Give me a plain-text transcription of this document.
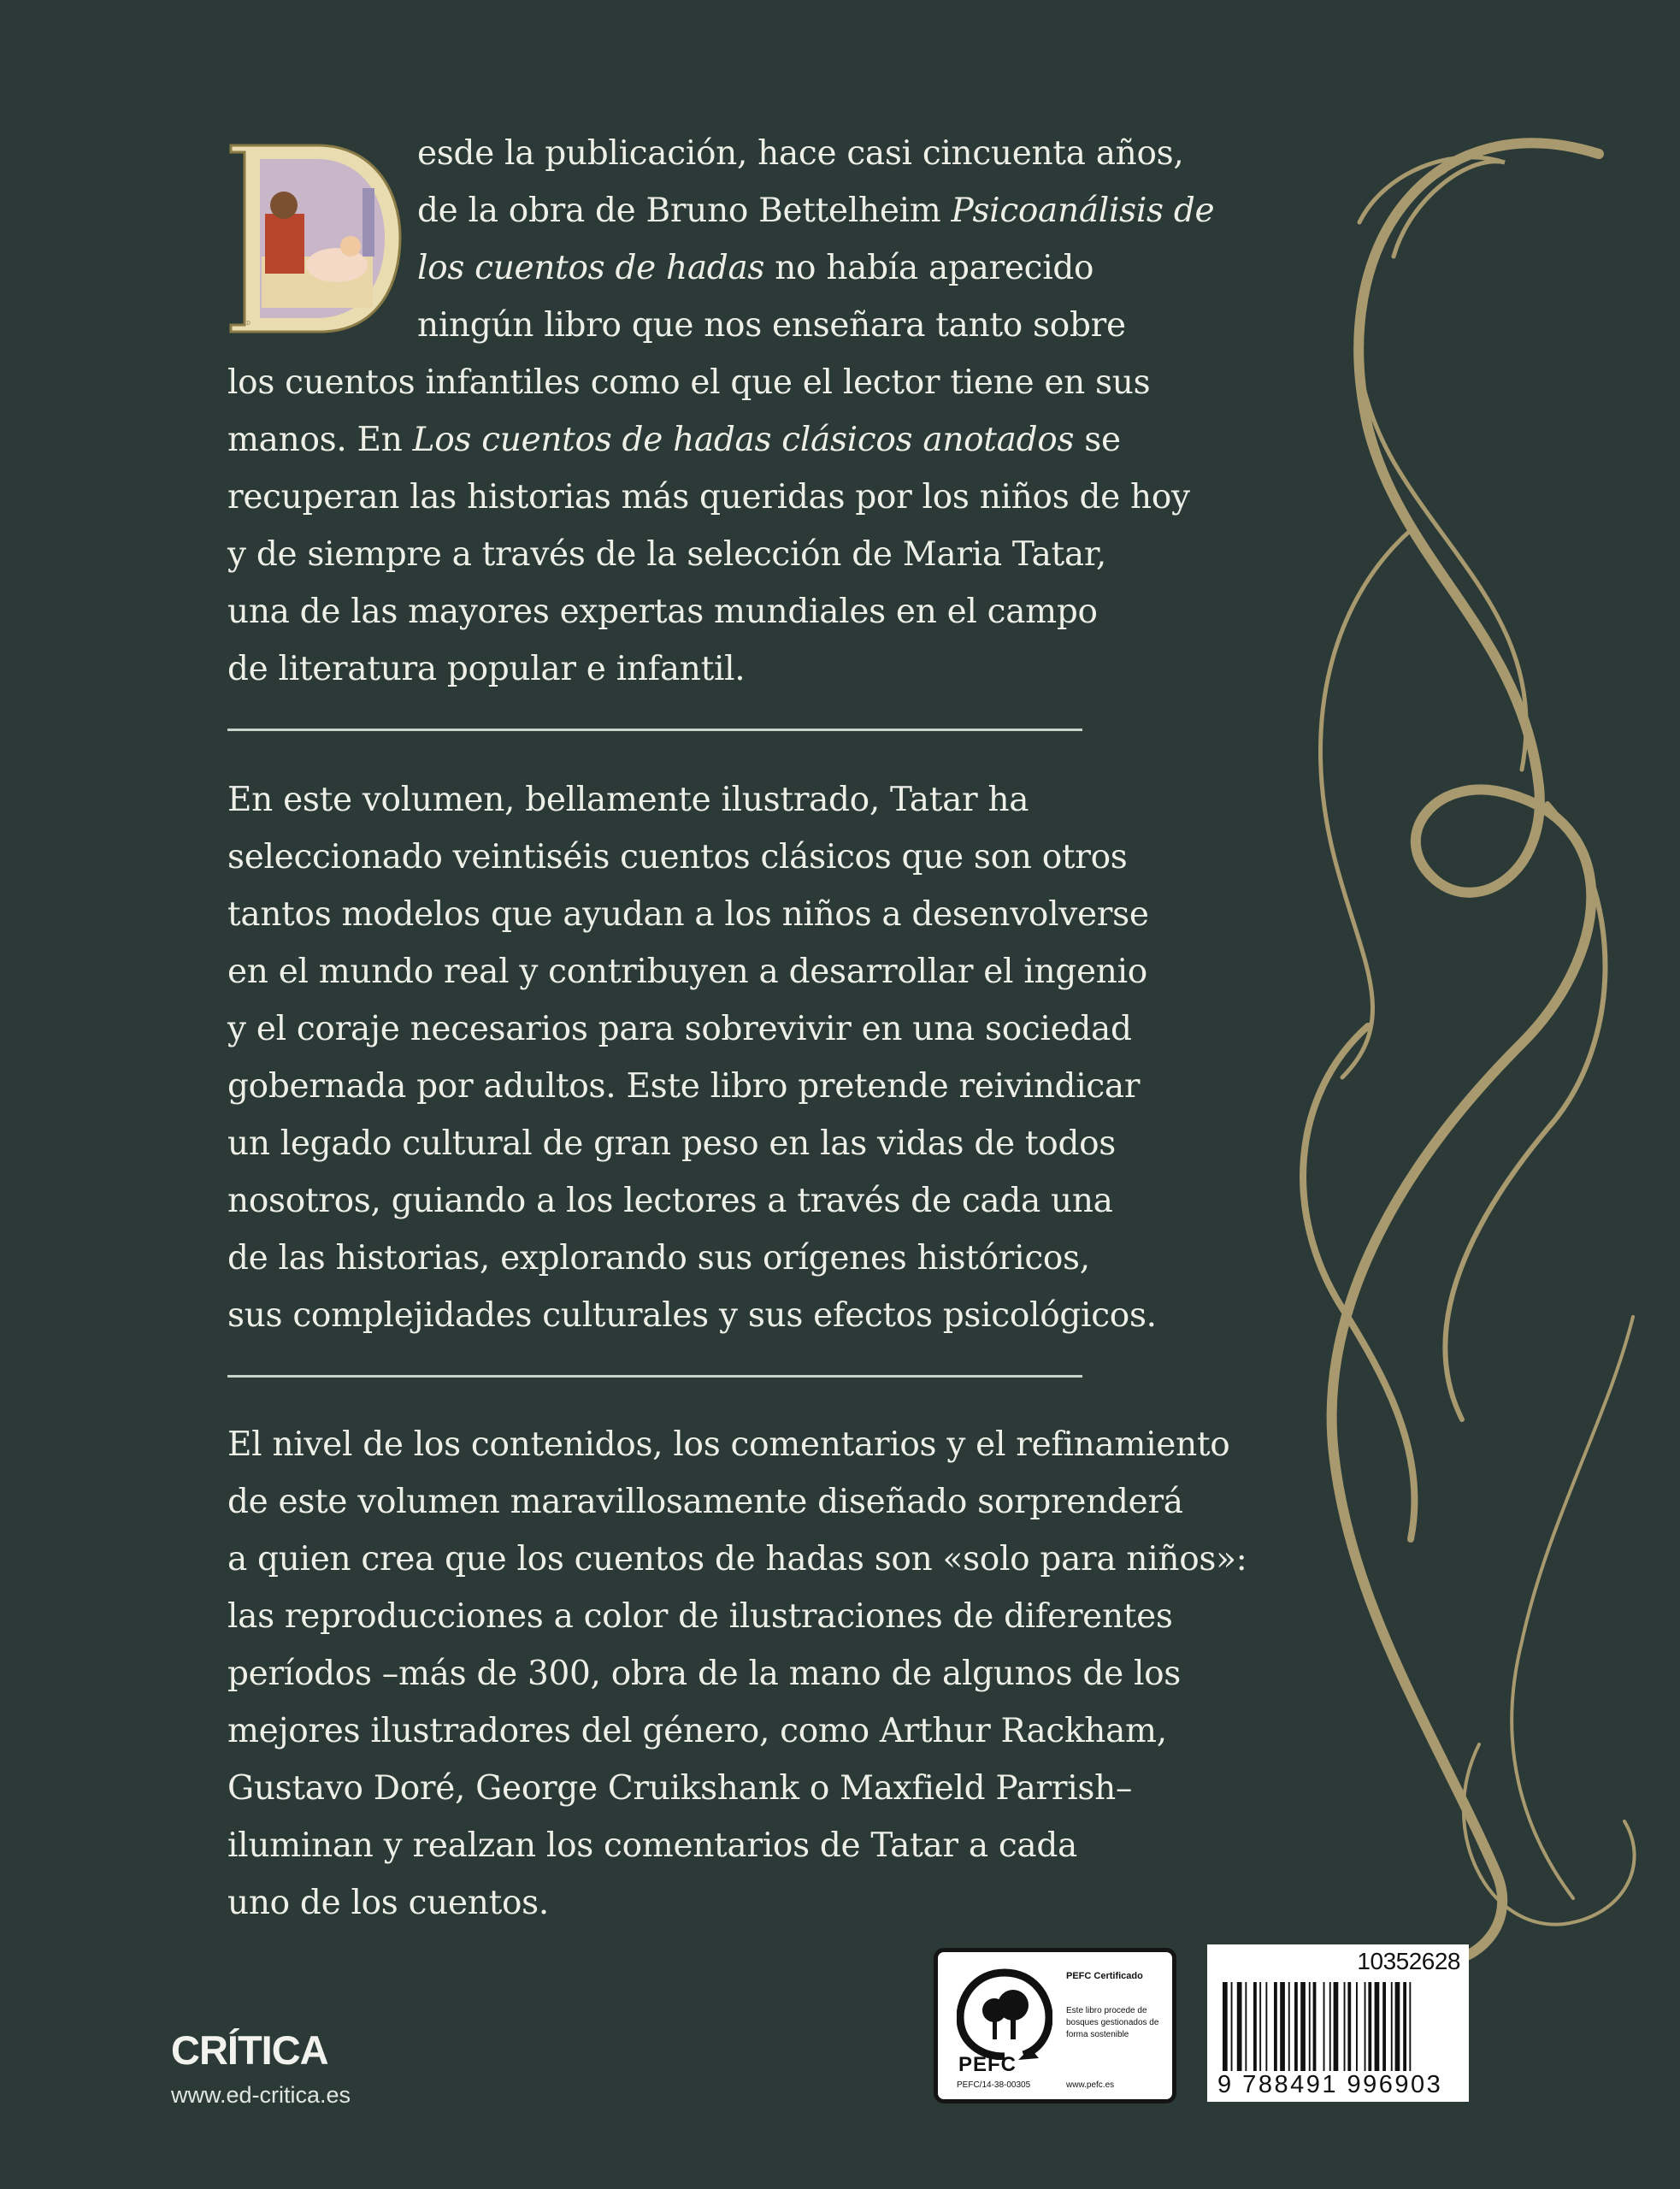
D
esde la publicación, hace casi cincuenta años,
de la obra de Bruno Bettelheim Psicoanálisis de
los cuentos de hadas no había aparecido
ningún libro que nos enseñara tanto sobre
los cuentos infantiles como el que el lector tiene en sus
manos. En Los cuentos de hadas clásicos anotados se
recuperan las historias más queridas por los niños de hoy
y de siempre a través de la selección de Maria Tatar,
una de las mayores expertas mundiales en el campo
de literatura popular e infantil.
En este volumen, bellamente ilustrado, Tatar ha
seleccionado veintiséis cuentos clásicos que son otros
tantos modelos que ayudan a los niños a desenvolverse
en el mundo real y contribuyen a desarrollar el ingenio
y el coraje necesarios para sobrevivir en una sociedad
gobernada por adultos. Este libro pretende reivindicar
un legado cultural de gran peso en las vidas de todos
nosotros, guiando a los lectores a través de cada una
de las historias, explorando sus orígenes históricos,
sus complejidades culturales y sus efectos psicológicos.
El nivel de los contenidos, los comentarios y el refinamiento
de este volumen maravillosamente diseñado sorprenderá
a quien crea que los cuentos de hadas son «solo para niños»:
las reproducciones a color de ilustraciones de diferentes
períodos –más de 300, obra de la mano de algunos de los
mejores ilustradores del género, como Arthur Rackham,
Gustavo Doré, George Cruikshank o Maxfield Parrish–
iluminan y realzan los comentarios de Tatar a cada
uno de los cuentos.
CRÍTICA
www.ed-critica.es
PEFC
PEFC/14-38-00305
PEFC Certificado
Este libro procede de bosques gestionados de forma sostenible
www.pefc.es
10352628
9 788491 996903
